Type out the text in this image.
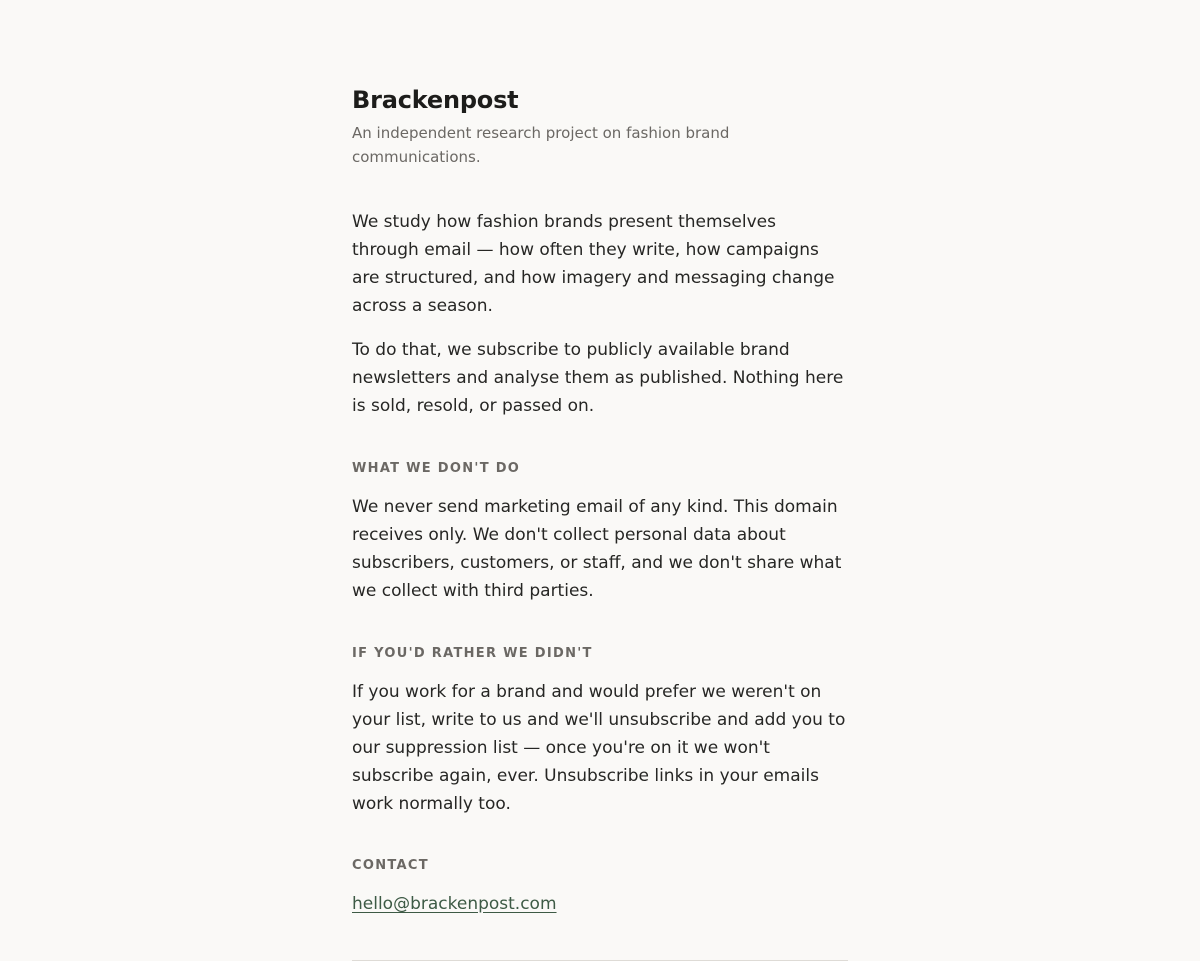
Brackenpost

An independent research project on fashion brand communications.

We study how fashion brands present themselves through email — how often they write, how campaigns are structured, and how imagery and messaging change across a season.

To do that, we subscribe to publicly available brand newsletters and analyse them as published. Nothing here is sold, resold, or passed on.

WHAT WE DON'T DO

We never send marketing email of any kind. This domain receives only. We don't collect personal data about subscribers, customers, or staff, and we don't share what we collect with third parties.

IF YOU'D RATHER WE DIDN'T

If you work for a brand and would prefer we weren't on your list, write to us and we'll unsubscribe and add you to our suppression list — once you're on it we won't subscribe again, ever. Unsubscribe links in your emails work normally too.

CONTACT
hello@brackenpost.com
